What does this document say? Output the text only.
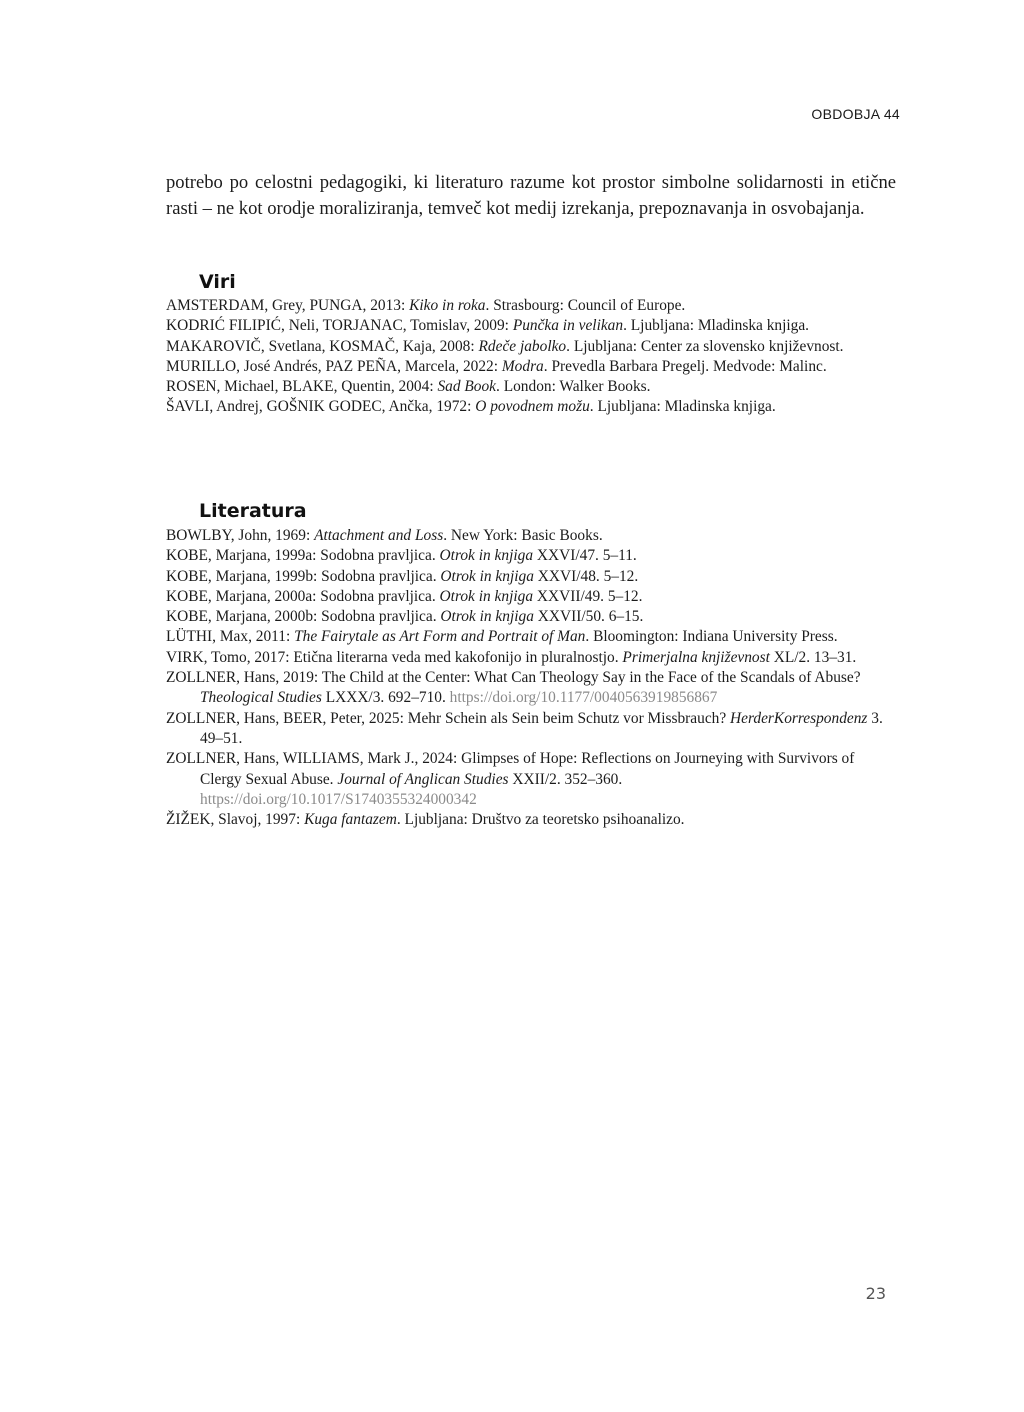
OBDOBJA 44

potrebo po celostni pedagogiki, ki literaturo razume kot prostor simbolne solidarnosti in etične rasti – ne kot orodje moraliziranja, temveč kot medij izrekanja, prepoznavanja in osvobajanja.

Viri
AMSTERDAM, Grey, PUNGA, 2013: Kiko in roka. Strasbourg: Council of Europe.
KODRIĆ FILIPIĆ, Neli, TORJANAC, Tomislav, 2009: Punčka in velikan. Ljubljana: Mladinska knjiga.
MAKAROVIČ, Svetlana, KOSMAČ, Kaja, 2008: Rdeče jabolko. Ljubljana: Center za slovensko književnost.
MURILLO, José Andrés, PAZ PEÑA, Marcela, 2022: Modra. Prevedla Barbara Pregelj. Medvode: Malinc.
ROSEN, Michael, BLAKE, Quentin, 2004: Sad Book. London: Walker Books.
ŠAVLI, Andrej, GOŠNIK GODEC, Ančka, 1972: O povodnem možu. Ljubljana: Mladinska knjiga.
Literatura
BOWLBY, John, 1969: Attachment and Loss. New York: Basic Books.
KOBE, Marjana, 1999a: Sodobna pravljica. Otrok in knjiga XXVI/47. 5–11.
KOBE, Marjana, 1999b: Sodobna pravljica. Otrok in knjiga XXVI/48. 5–12.
KOBE, Marjana, 2000a: Sodobna pravljica. Otrok in knjiga XXVII/49. 5–12.
KOBE, Marjana, 2000b: Sodobna pravljica. Otrok in knjiga XXVII/50. 6–15.
LÜTHI, Max, 2011: The Fairytale as Art Form and Portrait of Man. Bloomington: Indiana University Press.
VIRK, Tomo, 2017: Etična literarna veda med kakofonijo in pluralnostjo. Primerjalna književnost XL/2. 13–31.
ZOLLNER, Hans, 2019: The Child at the Center: What Can Theology Say in the Face of the Scandals of Abuse? Theological Studies LXXX/3. 692–710. https://doi.org/10.1177/0040563919856867
ZOLLNER, Hans, BEER, Peter, 2025: Mehr Schein als Sein beim Schutz vor Missbrauch? HerderKorrespondenz 3. 49–51.
ZOLLNER, Hans, WILLIAMS, Mark J., 2024: Glimpses of Hope: Reflections on Journeying with Survivors of Clergy Sexual Abuse. Journal of Anglican Studies XXII/2. 352–360. https://doi.org/10.1017/S1740355324000342
ŽIŽEK, Slavoj, 1997: Kuga fantazem. Ljubljana: Društvo za teoretsko psihoanalizo.
23
